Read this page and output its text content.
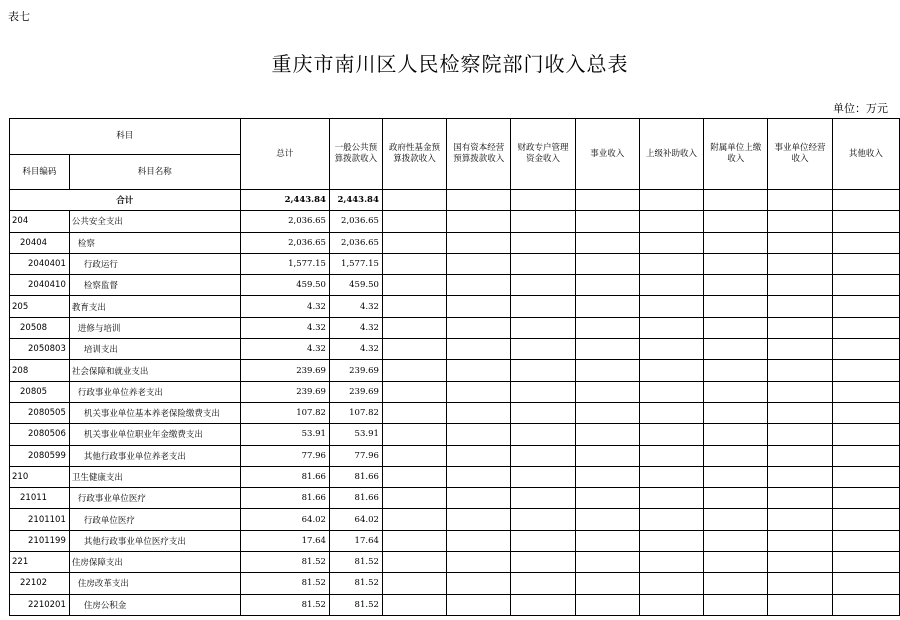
表七
重庆市南川区人民检察院部门收入总表
单位：万元
科目		总计	一般公共预算拨款收入	政府性基金预算拨款收入	国有资本经营预算拨款收入	财政专户管理资金收入	事业收入	上级补助收入	附属单位上缴收入	事业单位经营收入	其他收入
科目编码	科目名称										
合计		2,443.84	2,443.84								
204	公共安全支出	2,036.65	2,036.65								
20404	检察	2,036.65	2,036.65								
2040401	行政运行	1,577.15	1,577.15								
2040410	检察监督	459.50	459.50								
205	教育支出	4.32	4.32								
20508	进修与培训	4.32	4.32								
2050803	培训支出	4.32	4.32								
208	社会保障和就业支出	239.69	239.69								
20805	行政事业单位养老支出	239.69	239.69								
2080505	机关事业单位基本养老保险缴费支出	107.82	107.82								
2080506	机关事业单位职业年金缴费支出	53.91	53.91								
2080599	其他行政事业单位养老支出	77.96	77.96								
210	卫生健康支出	81.66	81.66								
21011	行政事业单位医疗	81.66	81.66								
2101101	行政单位医疗	64.02	64.02								
2101199	其他行政事业单位医疗支出	17.64	17.64								
221	住房保障支出	81.52	81.52								
22102	住房改革支出	81.52	81.52								
2210201	住房公积金	81.52	81.52								
